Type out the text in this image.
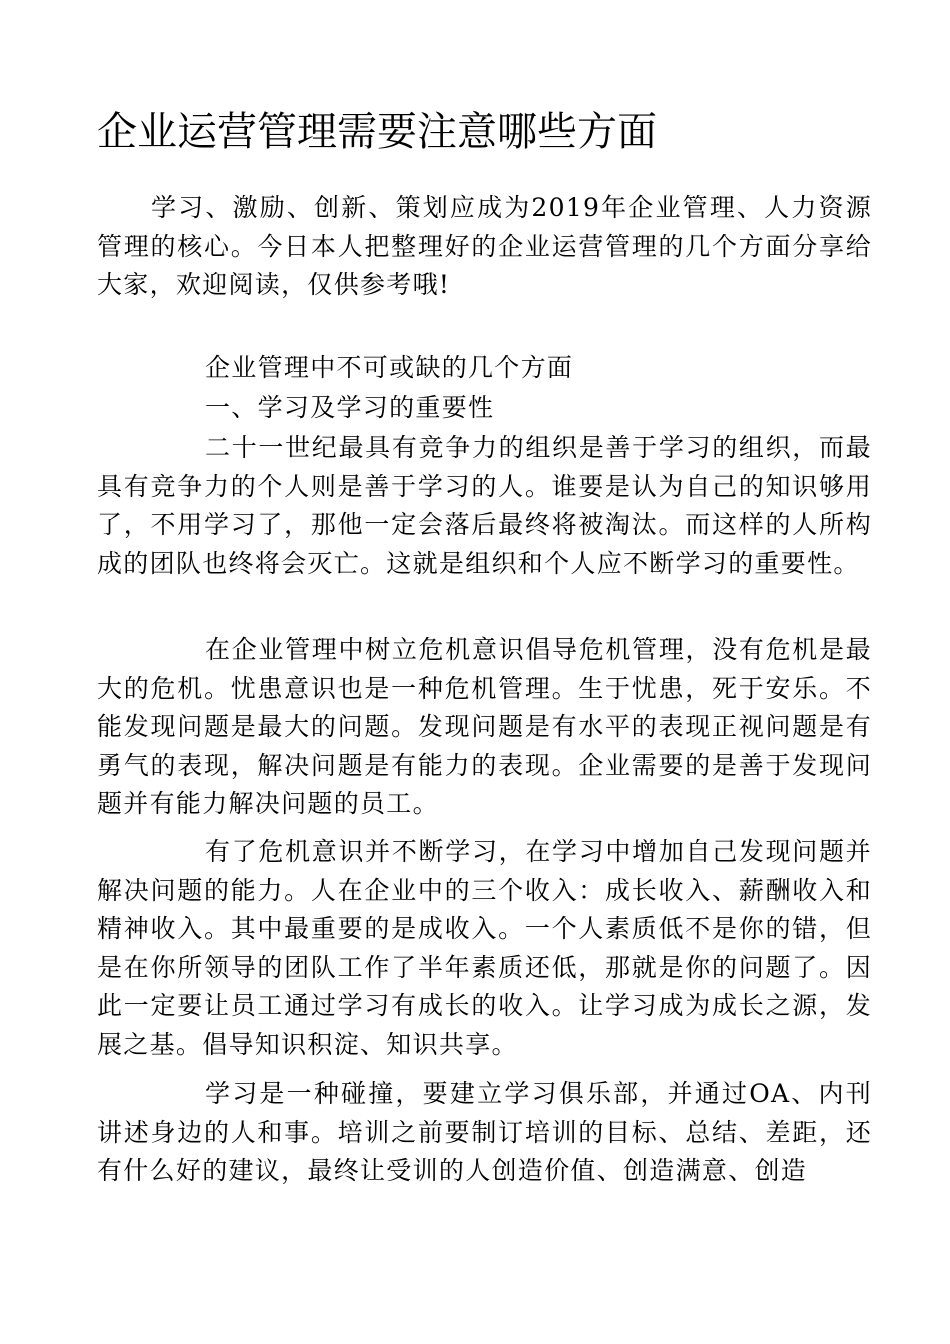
企业运营管理需要注意哪些方面

学习、激励、创新、策划应成为2019年企业管理、人力资源管理的核心。今日本人把整理好的企业运营管理的几个方面分享给大家，欢迎阅读，仅供参考哦!

企业管理中不可或缺的几个方面

一、学习及学习的重要性

二十一世纪最具有竞争力的组织是善于学习的组织，而最具有竞争力的个人则是善于学习的人。谁要是认为自己的知识够用了，不用学习了，那他一定会落后最终将被淘汰。而这样的人所构成的团队也终将会灭亡。这就是组织和个人应不断学习的重要性。

在企业管理中树立危机意识倡导危机管理，没有危机是最大的危机。忧患意识也是一种危机管理。生于忧患，死于安乐。不能发现问题是最大的问题。发现问题是有水平的表现正视问题是有勇气的表现，解决问题是有能力的表现。企业需要的是善于发现问题并有能力解决问题的员工。

有了危机意识并不断学习，在学习中增加自己发现问题并解决问题的能力。人在企业中的三个收入：成长收入、薪酬收入和精神收入。其中最重要的是成收入。一个人素质低不是你的错，但是在你所领导的团队工作了半年素质还低，那就是你的问题了。因此一定要让员工通过学习有成长的收入。让学习成为成长之源，发展之基。倡导知识积淀、知识共享。

学习是一种碰撞，要建立学习俱乐部，并通过OA、内刊讲述身边的人和事。培训之前要制订培训的目标、总结、差距，还有什么好的建议，最终让受训的人创造价值、创造满意、创造
